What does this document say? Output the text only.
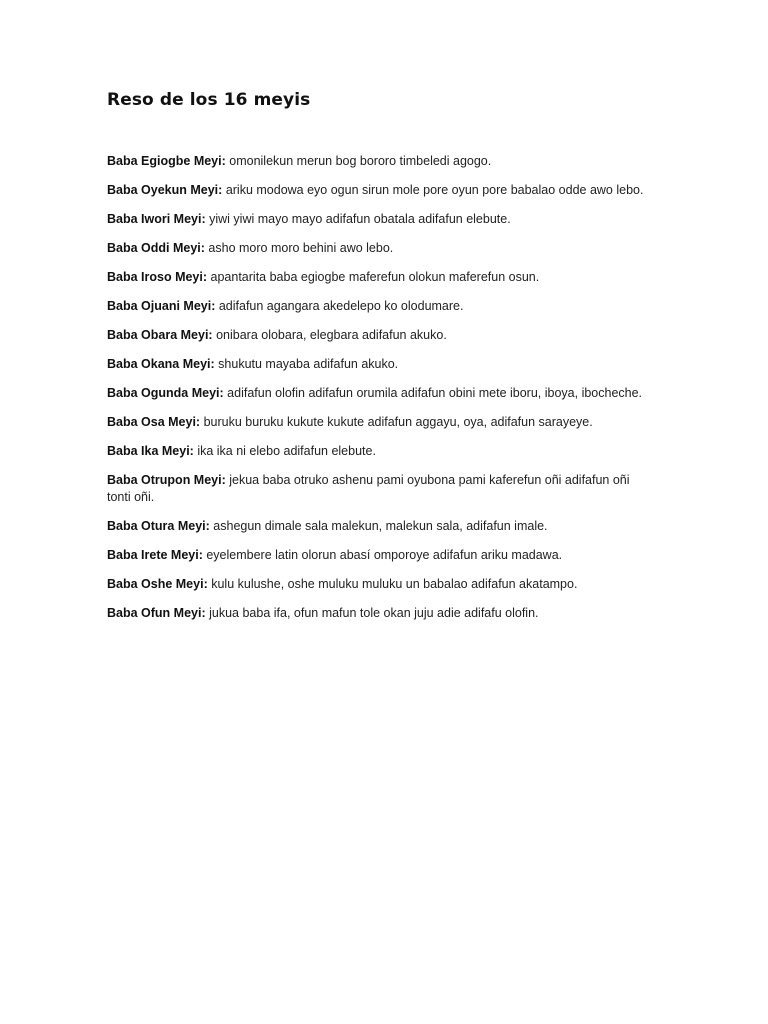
Reso de los 16 meyis
Baba Egiogbe Meyi: omonilekun merun bog bororo timbeledi agogo.
Baba Oyekun Meyi: ariku modowa eyo ogun sirun mole pore oyun pore babalao odde awo lebo.
Baba Iwori Meyi: yiwi yiwi mayo mayo adifafun obatala adifafun elebute.
Baba Oddi Meyi: asho moro moro behini awo lebo.
Baba Iroso Meyi: apantarita baba egiogbe maferefun olokun maferefun osun.
Baba Ojuani Meyi: adifafun agangara akedelepo ko olodumare.
Baba Obara Meyi: onibara olobara, elegbara adifafun akuko.
Baba Okana Meyi: shukutu mayaba adifafun akuko.
Baba Ogunda Meyi: adifafun olofin adifafun orumila adifafun obini mete iboru, iboya, ibocheche.
Baba Osa Meyi: buruku buruku kukute kukute adifafun aggayu, oya, adifafun sarayeye.
Baba Ika Meyi: ika ika ni elebo adifafun elebute.
Baba Otrupon Meyi: jekua baba otruko ashenu pami oyubona pami kaferefun oñi adifafun oñi tonti oñi.
Baba Otura Meyi: ashegun dimale sala malekun, malekun sala, adifafun imale.
Baba Irete Meyi: eyelembere latin olorun abasí omporoye adifafun ariku madawa.
Baba Oshe Meyi: kulu kulushe, oshe muluku muluku un babalao adifafun akatampo.
Baba Ofun Meyi: jukua baba ifa, ofun mafun tole okan juju adie adifafu olofin.
